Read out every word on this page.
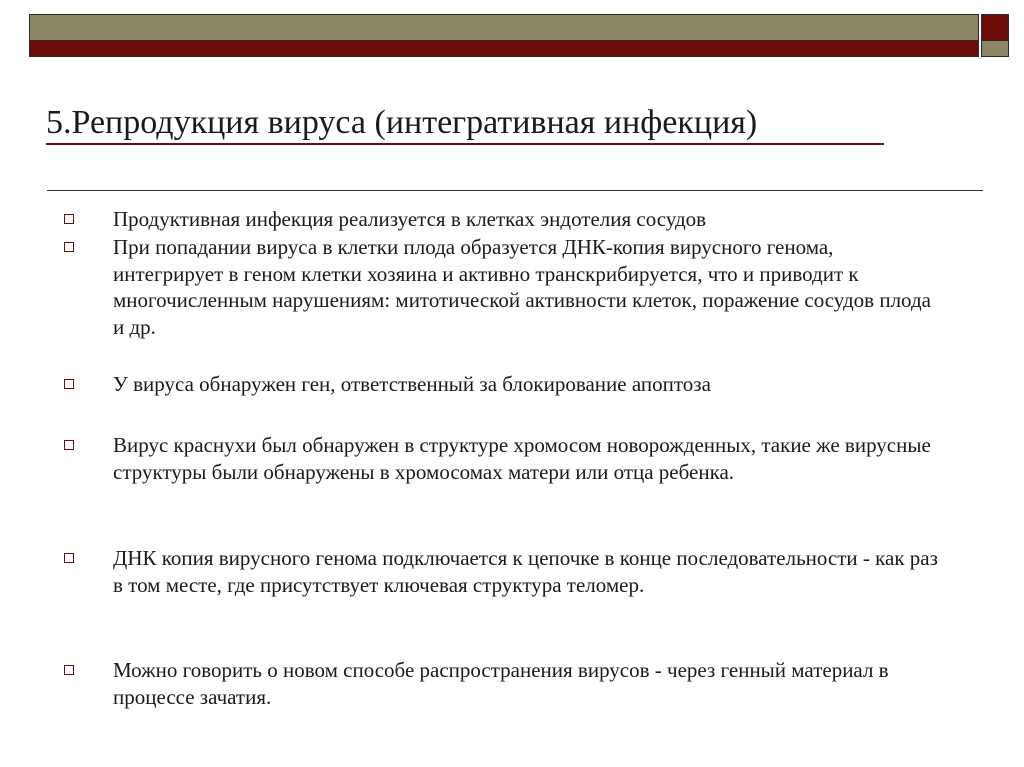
5.Репродукция вируса (интегративная инфекция)
Продуктивная инфекция реализуется в клетках эндотелия сосудов
При попадании вируса в клетки плода образуется ДНК-копия вирусного генома, интегрирует в геном клетки хозяина и активно транскрибируется, что и приводит к многочисленным нарушениям: митотической активности клеток, поражение сосудов плода и др.
У вируса обнаружен ген, ответственный за блокирование апоптоза
Вирус краснухи был обнаружен в структуре хромосом новорожденных, такие же вирусные структуры были обнаружены в хромосомах матери или отца ребенка.
ДНК копия вирусного генома подключается к цепочке в конце последовательности - как раз в том месте, где присутствует ключевая структура теломер.
Можно говорить о новом способе распространения вирусов - через генный материал в процессе зачатия.
